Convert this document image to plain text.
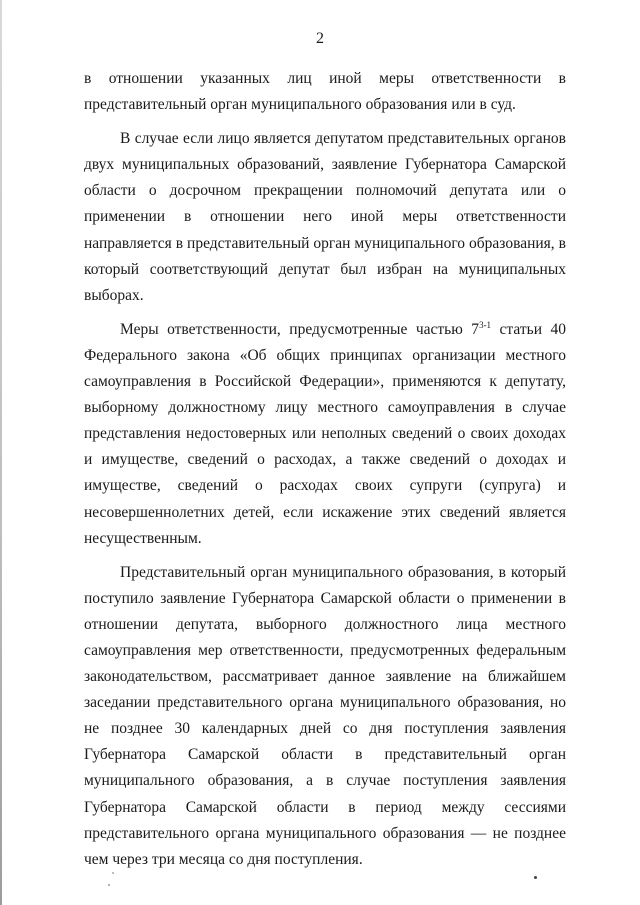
2

в отношении указанных лиц иной меры ответственности в представительный орган муниципального образования или в суд.

В случае если лицо является депутатом представительных органов двух муниципальных образований, заявление Губернатора Самарской области о досрочном прекращении полномочий депутата или о применении в отношении него иной меры ответственности направляется в представительный орган муниципального образования, в который соответствующий депутат был избран на муниципальных выборах.

Меры ответственности, предусмотренные частью 7$^{3-1}$ статьи 40 Федерального закона «Об общих принципах организации местного самоуправления в Российской Федерации», применяются к депутату, выборному должностному лицу местного самоуправления в случае представления недостоверных или неполных сведений о своих доходах и имуществе, сведений о расходах, а также сведений о доходах и имуществе, сведений о расходах своих супруги (супруга) и несовершеннолетних детей, если искажение этих сведений является несущественным.

Представительный орган муниципального образования, в который поступило заявление Губернатора Самарской области о применении в отношении депутата, выборного должностного лица местного самоуправления мер ответственности, предусмотренных федеральным законодательством, рассматривает данное заявление на ближайшем заседании представительного органа муниципального образования, но не позднее 30 календарных дней со дня поступления заявления Губернатора Самарской области в представительный орган муниципального образования, а в случае поступления заявления Губернатора Самарской области в период между сессиями представительного органа муниципального образования — не позднее чем через три месяца со дня поступления.
